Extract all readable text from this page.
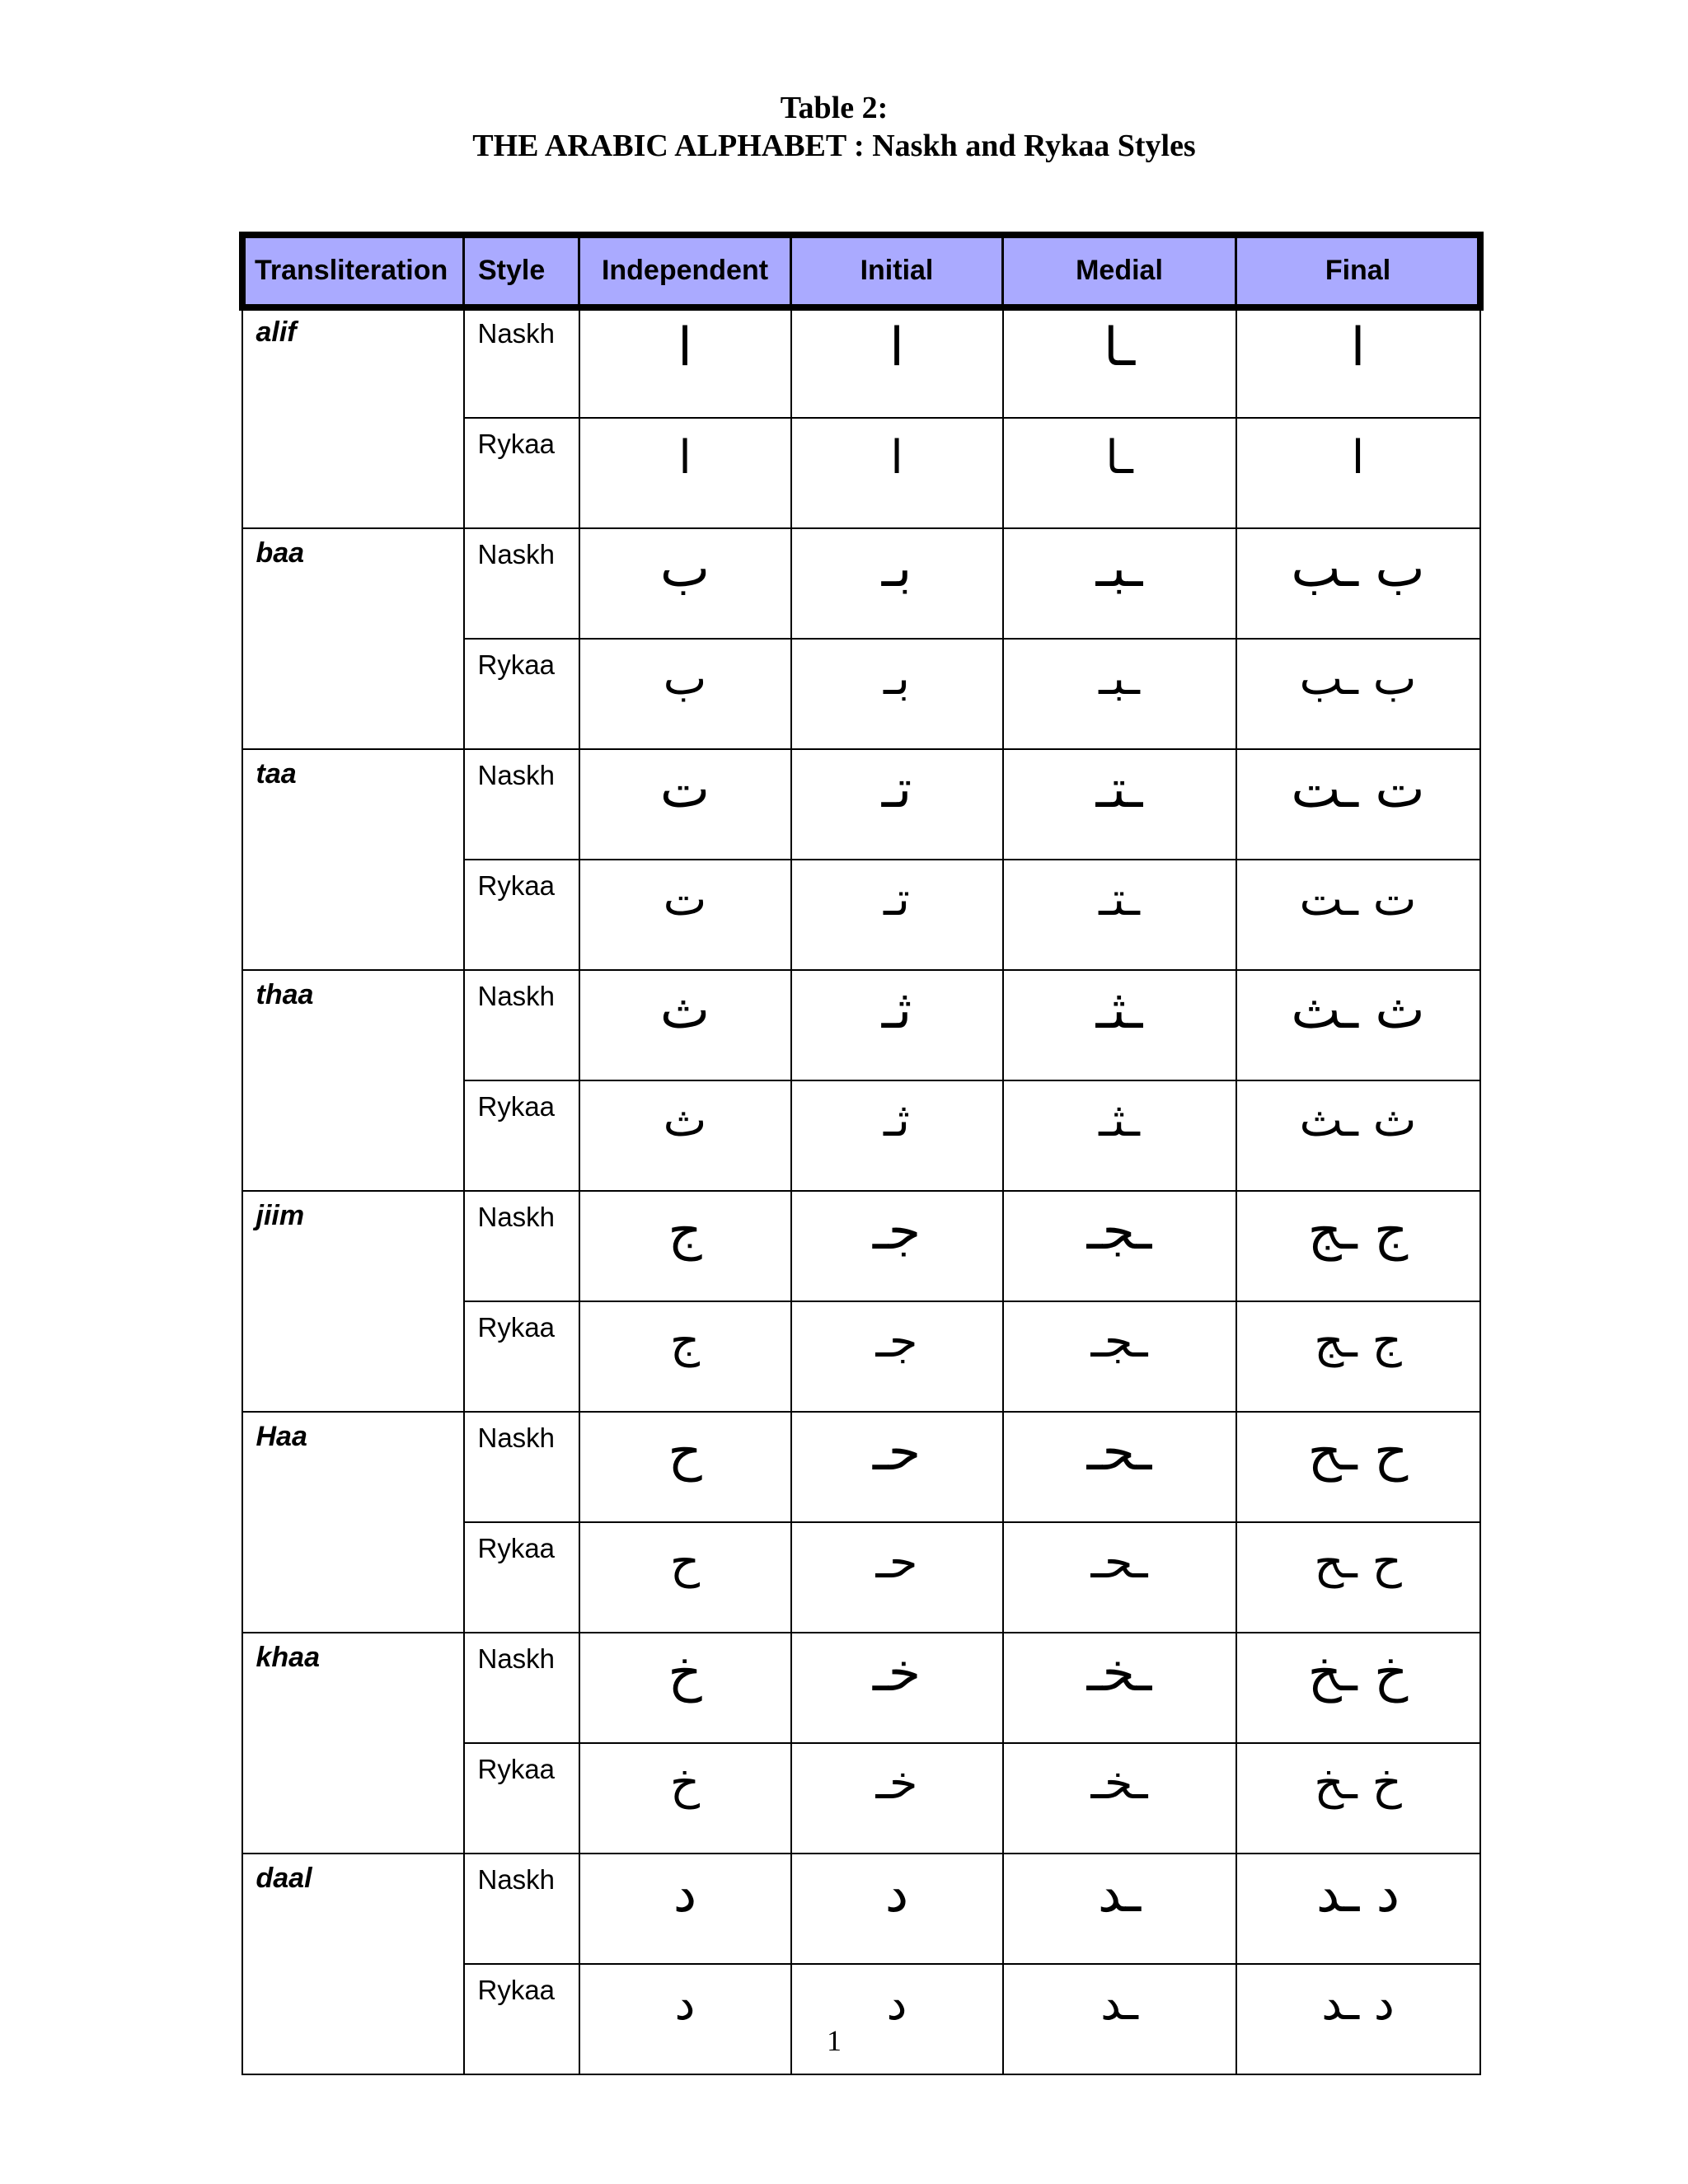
Table 2:
THE ARABIC ALPHABET : Naskh and Rykaa Styles
Transliteration	Style	Independent	Initial	Medial	Final
alif	Naskh	ا	ا	ـا	ا
	Rykaa	ا	ا	ـا	ا
baa	Naskh	ب	بـ	ـبـ	ب ـب
	Rykaa	ب	بـ	ـبـ	ب ـب
taa	Naskh	ت	تـ	ـتـ	ت ـت
	Rykaa	ت	تـ	ـتـ	ت ـت
thaa	Naskh	ث	ثـ	ـثـ	ث ـث
	Rykaa	ث	ثـ	ـثـ	ث ـث
jiim	Naskh	ج	جـ	ـجـ	ج ـج
	Rykaa	ج	جـ	ـجـ	ج ـج
Haa	Naskh	ح	حـ	ـحـ	ح ـح
	Rykaa	ح	حـ	ـحـ	ح ـح
khaa	Naskh	خ	خـ	ـخـ	خ ـخ
	Rykaa	خ	خـ	ـخـ	خ ـخ
daal	Naskh	د	د	ـد	د ـد
	Rykaa	د	د	ـد	د ـد
1
